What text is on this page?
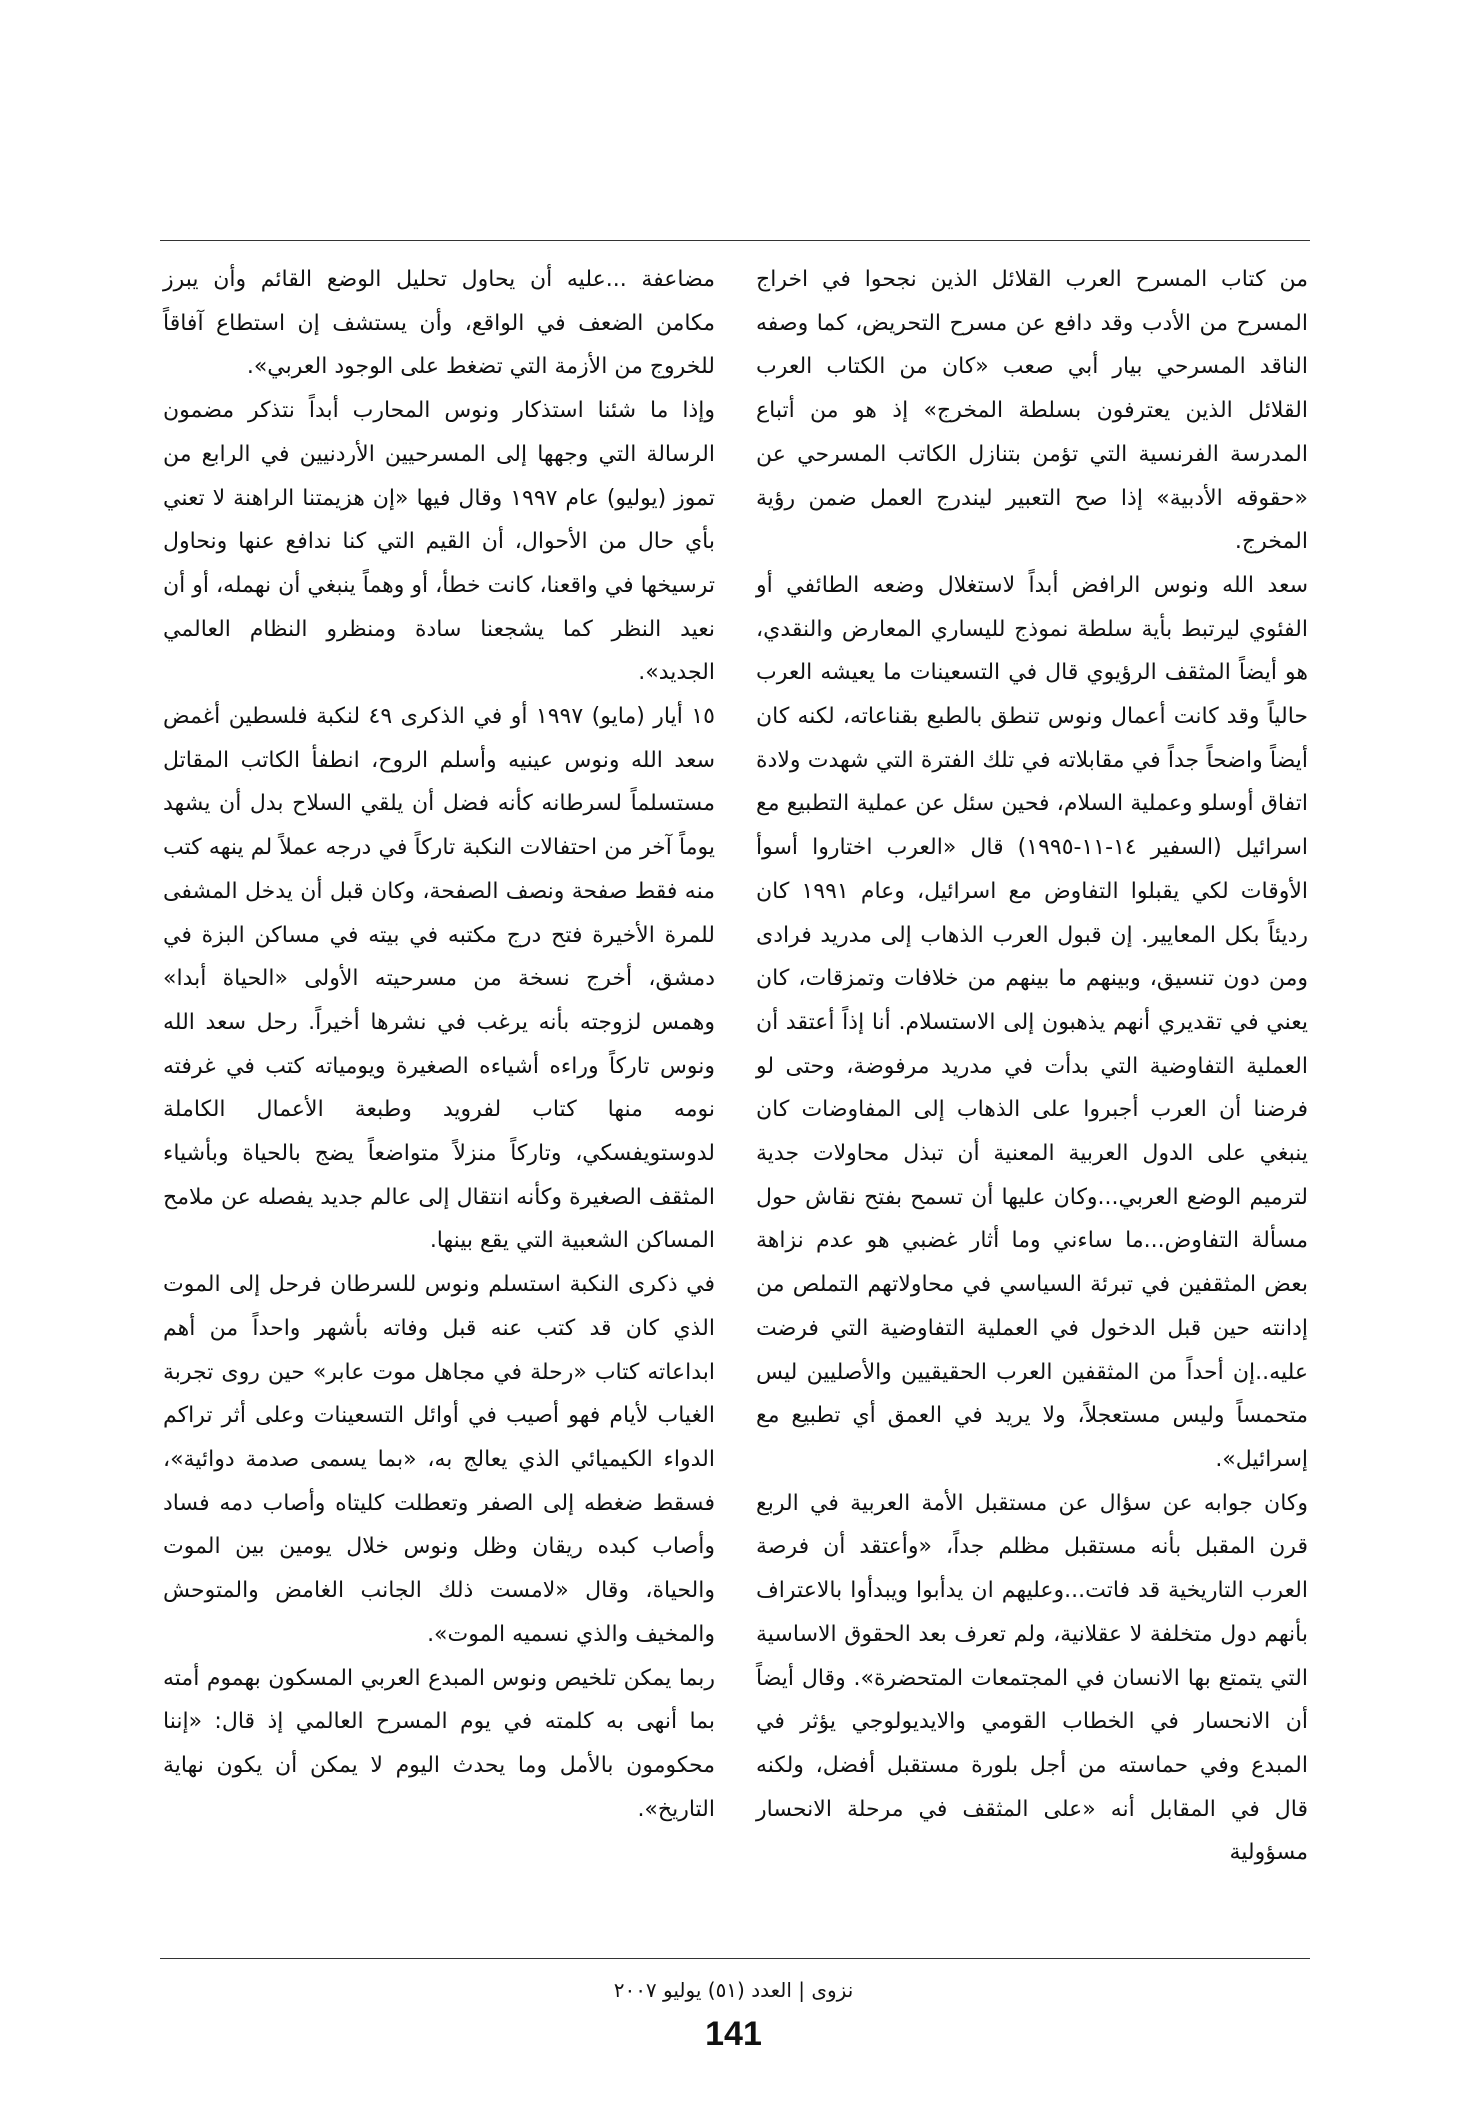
من كتاب المسرح العرب القلائل الذين نجحوا في اخراج المسرح من الأدب وقد دافع عن مسرح التحريض، كما وصفه الناقد المسرحي بيار أبي صعب «كان من الكتاب العرب القلائل الذين يعترفون بسلطة المخرج» إذ هو من أتباع المدرسة الفرنسية التي تؤمن بتنازل الكاتب المسرحي عن «حقوقه الأدبية» إذا صح التعبير ليندرج العمل ضمن رؤية المخرج.

سعد الله ونوس الرافض أبداً لاستغلال وضعه الطائفي أو الفئوي ليرتبط بأية سلطة نموذج لليساري المعارض والنقدي، هو أيضاً المثقف الرؤيوي قال في التسعينات ما يعيشه العرب حالياً وقد كانت أعمال ونوس تنطق بالطبع بقناعاته، لكنه كان أيضاً واضحاً جداً في مقابلاته في تلك الفترة التي شهدت ولادة اتفاق أوسلو وعملية السلام، فحين سئل عن عملية التطبيع مع اسرائيل (السفير ١٤-١١-١٩٩٥) قال «العرب اختاروا أسوأ الأوقات لكي يقبلوا التفاوض مع اسرائيل، وعام ١٩٩١ كان رديئاً بكل المعايير. إن قبول العرب الذهاب إلى مدريد فرادى ومن دون تنسيق، وبينهم ما بينهم من خلافات وتمزقات، كان يعني في تقديري أنهم يذهبون إلى الاستسلام. أنا إذاً أعتقد أن العملية التفاوضية التي بدأت في مدريد مرفوضة، وحتى لو فرضنا أن العرب أجبروا على الذهاب إلى المفاوضات كان ينبغي على الدول العربية المعنية أن تبذل محاولات جدية لترميم الوضع العربي...وكان عليها أن تسمح بفتح نقاش حول مسألة التفاوض...ما ساءني وما أثار غضبي هو عدم نزاهة بعض المثقفين في تبرئة السياسي في محاولاتهم التملص من إدانته حين قبل الدخول في العملية التفاوضية التي فرضت عليه..إن أحداً من المثقفين العرب الحقيقيين والأصليين ليس متحمساً وليس مستعجلاً، ولا يريد في العمق أي تطبيع مع إسرائيل».

وكان جوابه عن سؤال عن مستقبل الأمة العربية في الربع قرن المقبل بأنه مستقبل مظلم جداً، «وأعتقد أن فرصة العرب التاريخية قد فاتت...وعليهم ان يدأبوا ويبدأوا بالاعتراف بأنهم دول متخلفة لا عقلانية، ولم تعرف بعد الحقوق الاساسية التي يتمتع بها الانسان في المجتمعات المتحضرة». وقال أيضاً أن الانحسار في الخطاب القومي والايديولوجي يؤثر في المبدع وفي حماسته من أجل بلورة مستقبل أفضل، ولكنه قال في المقابل أنه «على المثقف في مرحلة الانحسار مسؤولية

مضاعفة ...عليه أن يحاول تحليل الوضع القائم وأن يبرز مكامن الضعف في الواقع، وأن يستشف إن استطاع آفاقاً للخروج من الأزمة التي تضغط على الوجود العربي».

وإذا ما شئنا استذكار ونوس المحارب أبداً نتذكر مضمون الرسالة التي وجهها إلى المسرحيين الأردنيين في الرابع من تموز (يوليو) عام ١٩٩٧ وقال فيها «إن هزيمتنا الراهنة لا تعني بأي حال من الأحوال، أن القيم التي كنا ندافع عنها ونحاول ترسيخها في واقعنا، كانت خطأ، أو وهماً ينبغي أن نهمله، أو أن نعيد النظر كما يشجعنا سادة ومنظرو النظام العالمي الجديد».

١٥ أيار (مايو) ١٩٩٧ أو في الذكرى ٤٩ لنكبة فلسطين أغمض سعد الله ونوس عينيه وأسلم الروح، انطفأ الكاتب المقاتل مستسلماً لسرطانه كأنه فضل أن يلقي السلاح بدل أن يشهد يوماً آخر من احتفالات النكبة تاركاً في درجه عملاً لم ينهه كتب منه فقط صفحة ونصف الصفحة، وكان قبل أن يدخل المشفى للمرة الأخيرة فتح درج مكتبه في بيته في مساكن البزة في دمشق، أخرج نسخة من مسرحيته الأولى «الحياة أبدا» وهمس لزوجته بأنه يرغب في نشرها أخيراً. رحل سعد الله ونوس تاركاً وراءه أشياءه الصغيرة ويومياته كتب في غرفته نومه منها كتاب لفرويد وطبعة الأعمال الكاملة لدوستويفسكي، وتاركاً منزلاً متواضعاً يضج بالحياة وبأشياء المثقف الصغيرة وكأنه انتقال إلى عالم جديد يفصله عن ملامح المساكن الشعبية التي يقع بينها.

في ذكرى النكبة استسلم ونوس للسرطان فرحل إلى الموت الذي كان قد كتب عنه قبل وفاته بأشهر واحداً من أهم ابداعاته كتاب «رحلة في مجاهل موت عابر» حين روى تجربة الغياب لأيام فهو أصيب في أوائل التسعينات وعلى أثر تراكم الدواء الكيميائي الذي يعالج به، «بما يسمى صدمة دوائية»، فسقط ضغطه إلى الصفر وتعطلت كليتاه وأصاب دمه فساد وأصاب كبده ريقان وظل ونوس خلال يومين بين الموت والحياة، وقال «لامست ذلك الجانب الغامض والمتوحش والمخيف والذي نسميه الموت».

ربما يمكن تلخيص ونوس المبدع العربي المسكون بهموم أمته بما أنهى به كلمته في يوم المسرح العالمي إذ قال: «إننا محكومون بالأمل وما يحدث اليوم لا يمكن أن يكون نهاية التاريخ».

نزوى | العدد (٥١) يوليو ٢٠٠٧
141
